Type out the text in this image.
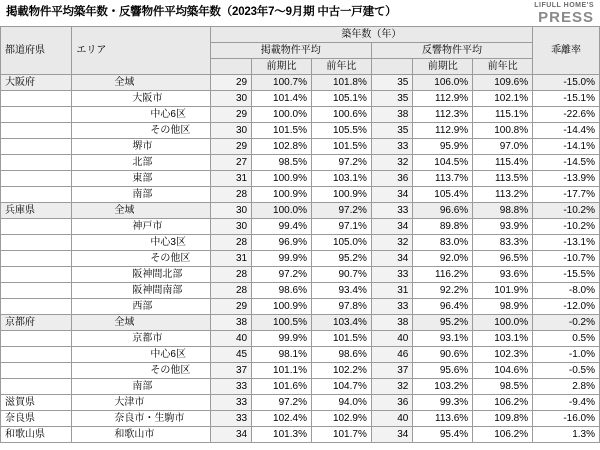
掲載物件平均築年数・反響物件平均築年数（2023年7～9月期 中古一戸建て）
LIFULL HOME'S
PRESS
都道府県	エリア	築年数（年）						乖離率
		掲載物件平均			反響物件平均			
			前期比	前年比		前期比	前年比	
大阪府	全域	29	100.7%	101.8%	35	106.0%	109.6%	-15.0%
	大阪市	30	101.4%	105.1%	35	112.9%	102.1%	-15.1%
	中心6区	29	100.0%	100.6%	38	112.3%	115.1%	-22.6%
	その他区	30	101.5%	105.5%	35	112.9%	100.8%	-14.4%
	堺市	29	102.8%	101.5%	33	95.9%	97.0%	-14.1%
	北部	27	98.5%	97.2%	32	104.5%	115.4%	-14.5%
	東部	31	100.9%	103.1%	36	113.7%	113.5%	-13.9%
	南部	28	100.9%	100.9%	34	105.4%	113.2%	-17.7%
兵庫県	全域	30	100.0%	97.2%	33	96.6%	98.8%	-10.2%
	神戸市	30	99.4%	97.1%	34	89.8%	93.9%	-10.2%
	中心3区	28	96.9%	105.0%	32	83.0%	83.3%	-13.1%
	その他区	31	99.9%	95.2%	34	92.0%	96.5%	-10.7%
	阪神間北部	28	97.2%	90.7%	33	116.2%	93.6%	-15.5%
	阪神間南部	28	98.6%	93.4%	31	92.2%	101.9%	-8.0%
	西部	29	100.9%	97.8%	33	96.4%	98.9%	-12.0%
京都府	全域	38	100.5%	103.4%	38	95.2%	100.0%	-0.2%
	京都市	40	99.9%	101.5%	40	93.1%	103.1%	0.5%
	中心6区	45	98.1%	98.6%	46	90.6%	102.3%	-1.0%
	その他区	37	101.1%	102.2%	37	95.6%	104.6%	-0.5%
	南部	33	101.6%	104.7%	32	103.2%	98.5%	2.8%
滋賀県	大津市	33	97.2%	94.0%	36	99.3%	106.2%	-9.4%
奈良県	奈良市・生駒市	33	102.4%	102.9%	40	113.6%	109.8%	-16.0%
和歌山県	和歌山市	34	101.3%	101.7%	34	95.4%	106.2%	1.3%
